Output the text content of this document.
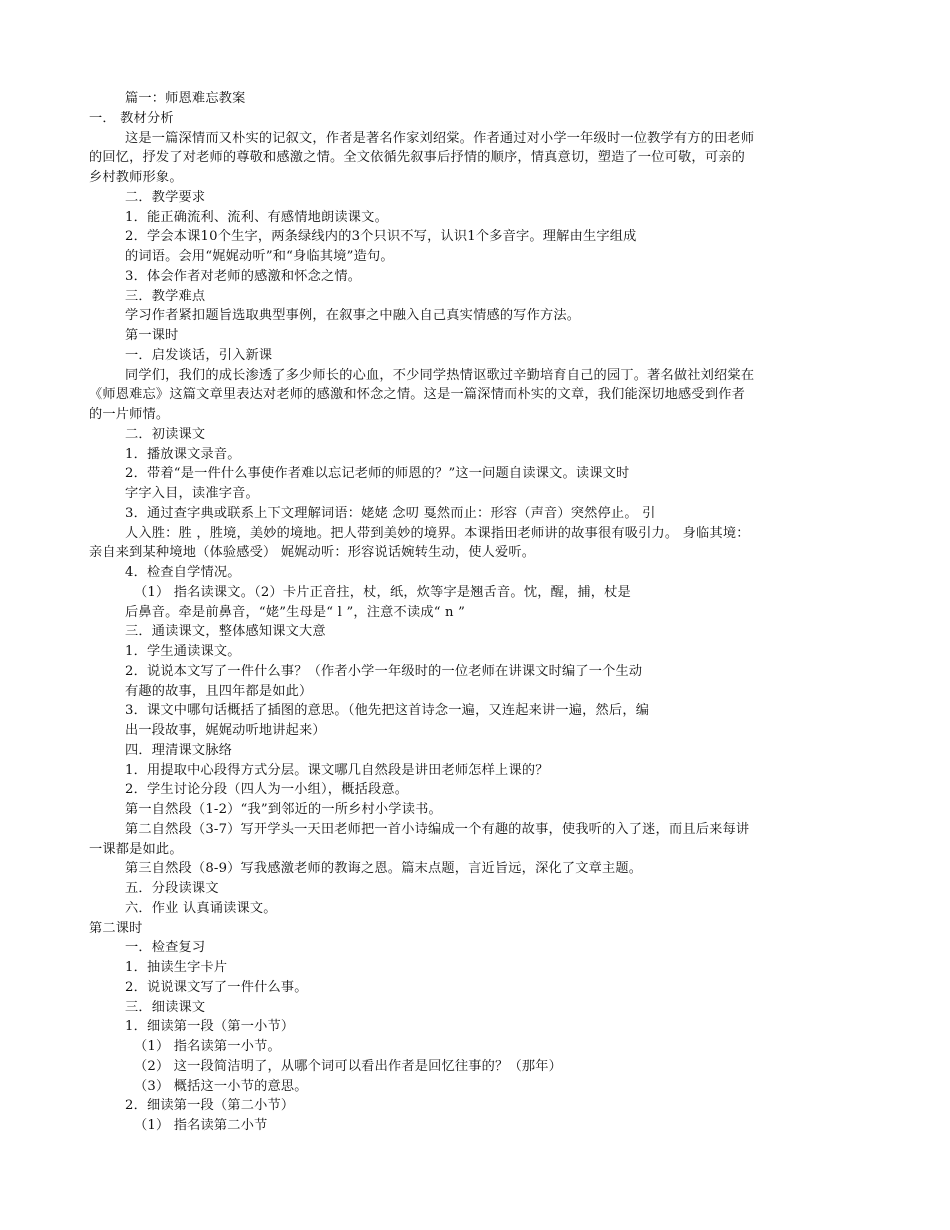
篇一：师恩难忘教案
一． 教材分析
这是一篇深情而又朴实的记叙文，作者是著名作家刘绍棠。作者通过对小学一年级时一位教学有方的田老师
的回忆，抒发了对老师的尊敬和感激之情。全文依循先叙事后抒情的顺序，情真意切，塑造了一位可敬，可亲的
乡村教师形象。
二．教学要求
1．能正确流利、流利、有感情地朗读课文。
2．学会本课10个生字，两条绿线内的3个只识不写，认识1个多音字。理解由生字组成
的词语。会用“娓娓动听”和“身临其境”造句。
3．体会作者对老师的感激和怀念之情。
三．教学难点
学习作者紧扣题旨选取典型事例，在叙事之中融入自己真实情感的写作方法。
第一课时
一．启发谈话，引入新课
同学们，我们的成长渗透了多少师长的心血，不少同学热情讴歌过辛勤培育自己的园丁。著名做社刘绍棠在
《师恩难忘》这篇文章里表达对老师的感激和怀念之情。这是一篇深情而朴实的文章，我们能深切地感受到作者
的一片师情。
二．初读课文
1．播放课文录音。
2．带着“是一件什么事使作者难以忘记老师的师恩的？”这一问题自读课文。读课文时
字字入目，读准字音。
3．通过查字典或联系上下文理解词语：姥姥 念叨 戛然而止：形容（声音）突然停止。 引
人入胜：胜 ，胜境，美妙的境地。把人带到美妙的境界。本课指田老师讲的故事很有吸引力。 身临其境：
亲自来到某种境地（体验感受） 娓娓动听：形容说话婉转生动，使人爱听。
4．检查自学情况。
（1） 指名读课文。（2）卡片正音拄，杖，纸，炊等字是翘舌音。忱，醒，捕，杖是
后鼻音。牵是前鼻音，“姥”生母是“ l ”，注意不读成“ n ”
三．通读课文，整体感知课文大意
1．学生通读课文。
2．说说本文写了一件什么事？（作者小学一年级时的一位老师在讲课文时编了一个生动
有趣的故事，且四年都是如此）
3．课文中哪句话概括了插图的意思。（他先把这首诗念一遍，又连起来讲一遍，然后，编
出一段故事，娓娓动听地讲起来）
四．理清课文脉络
1．用提取中心段得方式分层。课文哪几自然段是讲田老师怎样上课的？
2．学生讨论分段（四人为一小组），概括段意。
第一自然段（1-2）“我”到邻近的一所乡村小学读书。
第二自然段（3-7）写开学头一天田老师把一首小诗编成一个有趣的故事，使我听的入了迷，而且后来每讲
一课都是如此。
第三自然段（8-9）写我感激老师的教诲之恩。篇末点题，言近旨远，深化了文章主题。
五．分段读课文
六．作业 认真诵读课文。
第二课时
一．检查复习
1．抽读生字卡片
2．说说课文写了一件什么事。
三．细读课文
1．细读第一段（第一小节）
（1） 指名读第一小节。
（2） 这一段简洁明了，从哪个词可以看出作者是回忆往事的？（那年）
（3） 概括这一小节的意思。
2．细读第一段（第二小节）
（1） 指名读第二小节
